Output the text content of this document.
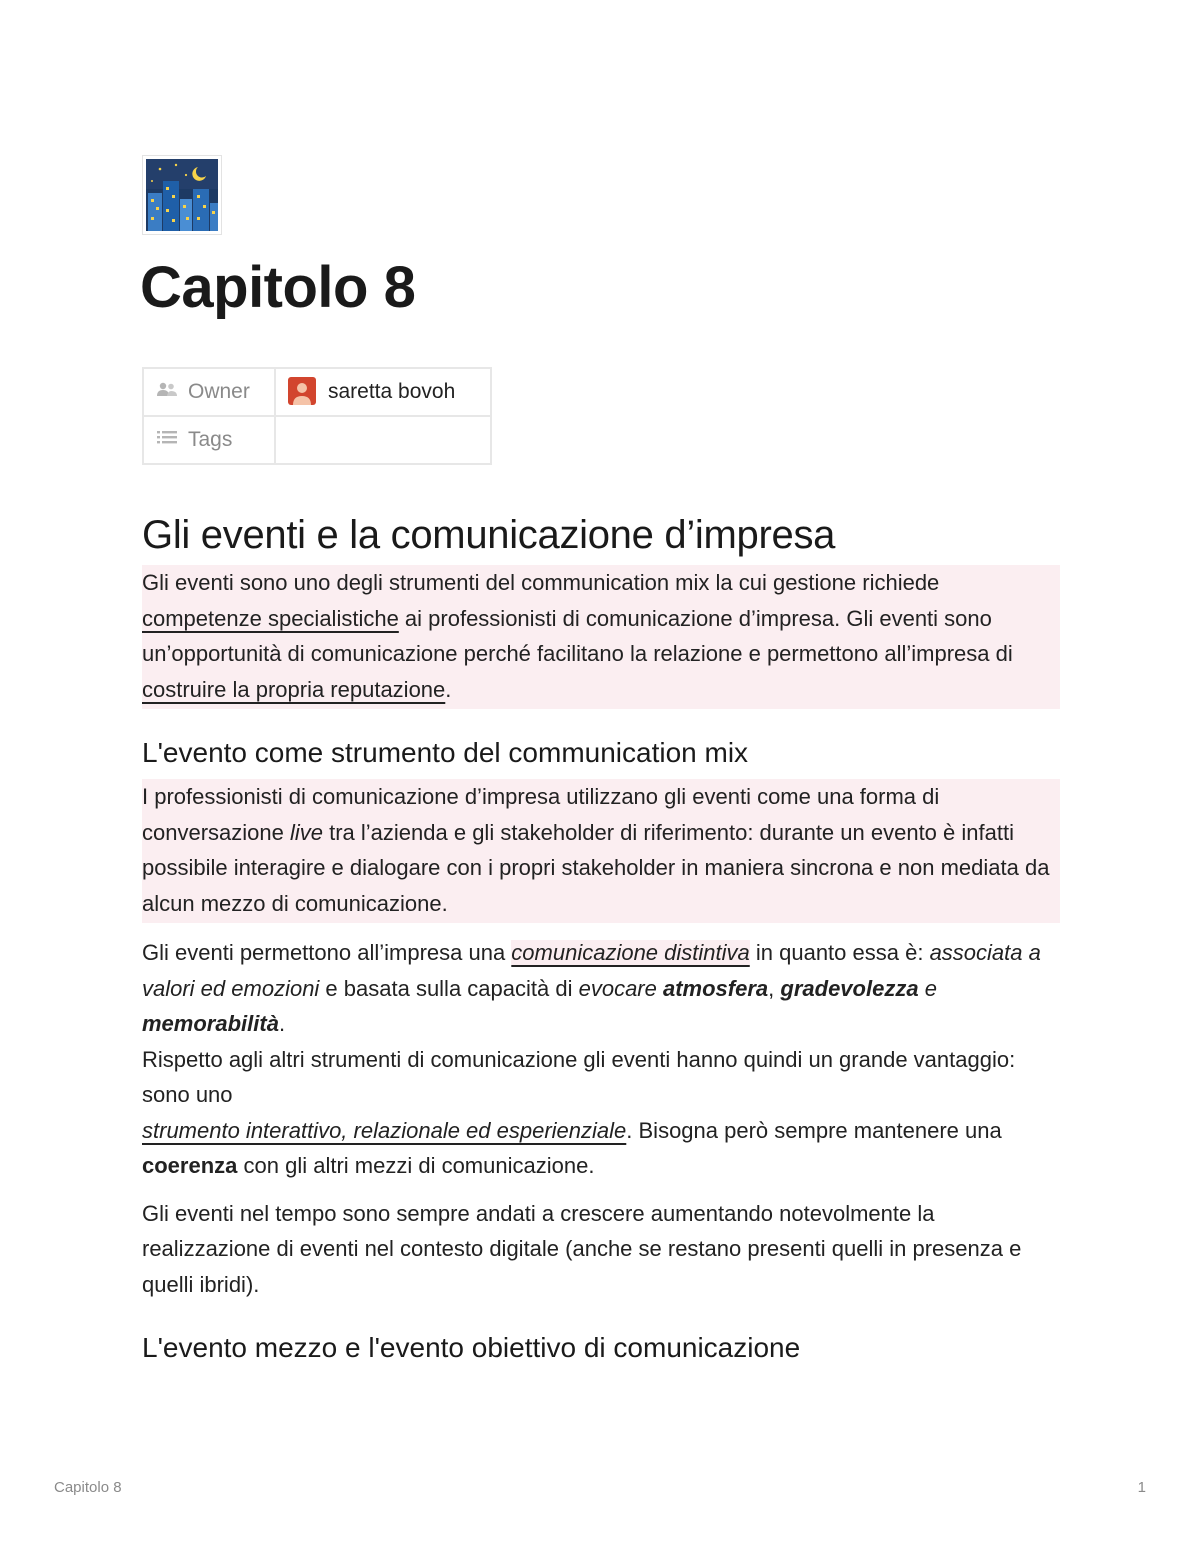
Capitolo 8
Owner	saretta bovoh
Tags	
Gli eventi e la comunicazione d’impresa

Gli eventi sono uno degli strumenti del communication mix la cui gestione richiede competenze specialistiche ai professionisti di comunicazione d’impresa. Gli eventi sono un’opportunità di comunicazione perché facilitano la relazione e permettono all’impresa di costruire la propria reputazione.

L'evento come strumento del communication mix

I professionisti di comunicazione d’impresa utilizzano gli eventi come una forma di conversazione live tra l’azienda e gli stakeholder di riferimento: durante un evento è infatti possibile interagire e dialogare con i propri stakeholder in maniera sincrona e non mediata da alcun mezzo di comunicazione.

Gli eventi permettono all’impresa una comunicazione distintiva in quanto essa è: associata a valori ed emozioni e basata sulla capacità di evocare atmosfera, gradevolezza e memorabilità.

Rispetto agli altri strumenti di comunicazione gli eventi hanno quindi un grande vantaggio: sono uno
strumento interattivo, relazionale ed esperienziale. Bisogna però sempre mantenere una coerenza con gli altri mezzi di comunicazione.

Gli eventi nel tempo sono sempre andati a crescere aumentando notevolmente la realizzazione di eventi nel contesto digitale (anche se restano presenti quelli in presenza e quelli ibridi).

L'evento mezzo e l'evento obiettivo di comunicazione
Capitolo 8	1
